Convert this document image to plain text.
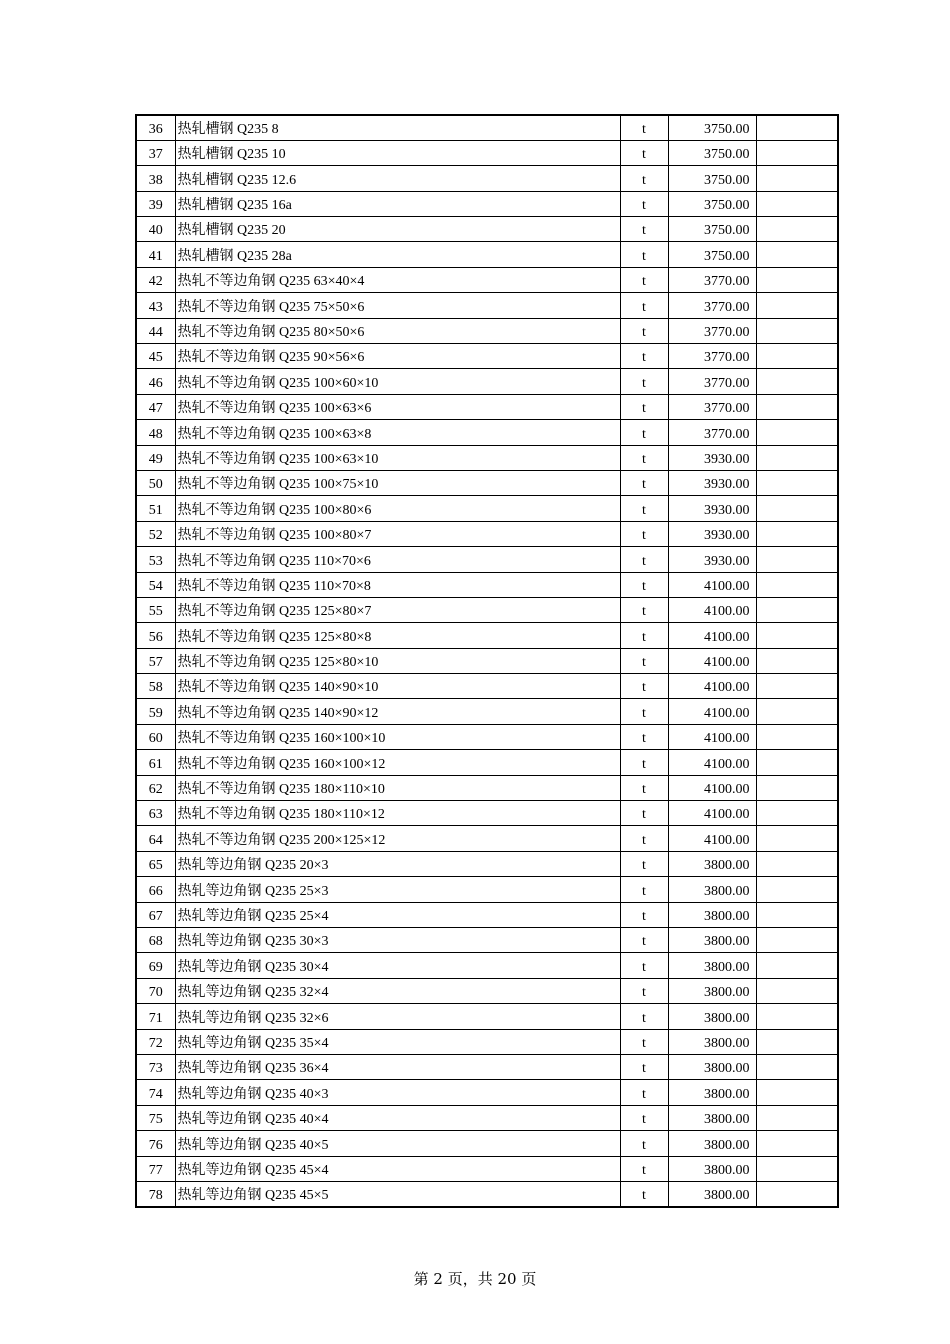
36	热轧槽钢 Q235 8	t	3750.00	
37	热轧槽钢 Q235 10	t	3750.00	
38	热轧槽钢 Q235 12.6	t	3750.00	
39	热轧槽钢 Q235 16a	t	3750.00	
40	热轧槽钢 Q235 20	t	3750.00	
41	热轧槽钢 Q235 28a	t	3750.00	
42	热轧不等边角钢 Q235 63×40×4	t	3770.00	
43	热轧不等边角钢 Q235 75×50×6	t	3770.00	
44	热轧不等边角钢 Q235 80×50×6	t	3770.00	
45	热轧不等边角钢 Q235 90×56×6	t	3770.00	
46	热轧不等边角钢 Q235 100×60×10	t	3770.00	
47	热轧不等边角钢 Q235 100×63×6	t	3770.00	
48	热轧不等边角钢 Q235 100×63×8	t	3770.00	
49	热轧不等边角钢 Q235 100×63×10	t	3930.00	
50	热轧不等边角钢 Q235 100×75×10	t	3930.00	
51	热轧不等边角钢 Q235 100×80×6	t	3930.00	
52	热轧不等边角钢 Q235 100×80×7	t	3930.00	
53	热轧不等边角钢 Q235 110×70×6	t	3930.00	
54	热轧不等边角钢 Q235 110×70×8	t	4100.00	
55	热轧不等边角钢 Q235 125×80×7	t	4100.00	
56	热轧不等边角钢 Q235 125×80×8	t	4100.00	
57	热轧不等边角钢 Q235 125×80×10	t	4100.00	
58	热轧不等边角钢 Q235 140×90×10	t	4100.00	
59	热轧不等边角钢 Q235 140×90×12	t	4100.00	
60	热轧不等边角钢 Q235 160×100×10	t	4100.00	
61	热轧不等边角钢 Q235 160×100×12	t	4100.00	
62	热轧不等边角钢 Q235 180×110×10	t	4100.00	
63	热轧不等边角钢 Q235 180×110×12	t	4100.00	
64	热轧不等边角钢 Q235 200×125×12	t	4100.00	
65	热轧等边角钢 Q235 20×3	t	3800.00	
66	热轧等边角钢 Q235 25×3	t	3800.00	
67	热轧等边角钢 Q235 25×4	t	3800.00	
68	热轧等边角钢 Q235 30×3	t	3800.00	
69	热轧等边角钢 Q235 30×4	t	3800.00	
70	热轧等边角钢 Q235 32×4	t	3800.00	
71	热轧等边角钢 Q235 32×6	t	3800.00	
72	热轧等边角钢 Q235 35×4	t	3800.00	
73	热轧等边角钢 Q235 36×4	t	3800.00	
74	热轧等边角钢 Q235 40×3	t	3800.00	
75	热轧等边角钢 Q235 40×4	t	3800.00	
76	热轧等边角钢 Q235 40×5	t	3800.00	
77	热轧等边角钢 Q235 45×4	t	3800.00	
78	热轧等边角钢 Q235 45×5	t	3800.00	
第 2 页，共 20 页
